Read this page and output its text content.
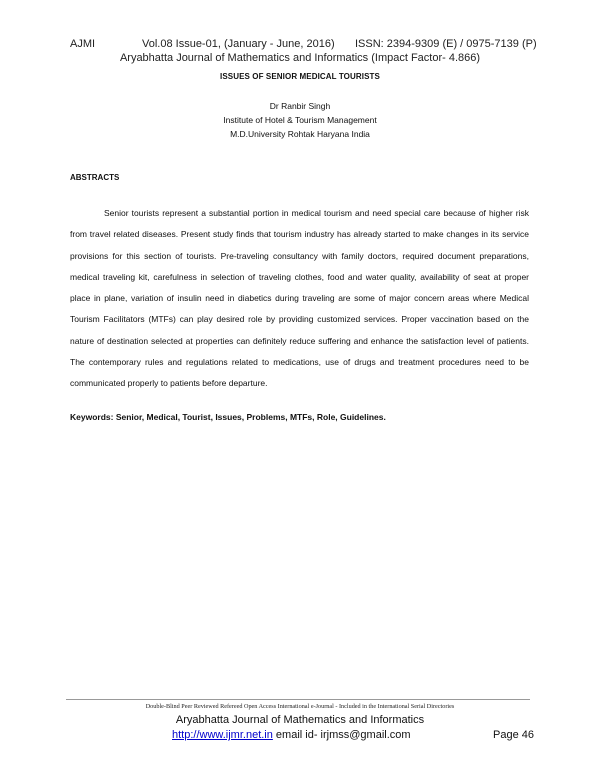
AJMI	Vol.08 Issue-01, (January - June, 2016) ISSN: 2394-9309 (E) / 0975-7139 (P)
Aryabhatta Journal of Mathematics and Informatics (Impact Factor- 4.866)
ISSUES OF SENIOR MEDICAL TOURISTS
Dr Ranbir Singh
Institute of Hotel & Tourism Management
M.D.University Rohtak Haryana India
ABSTRACTS
Senior tourists represent a substantial portion in medical tourism and need special care because of higher risk from travel related diseases. Present study finds that tourism industry has already started to make changes in its service provisions for this section of tourists. Pre-traveling consultancy with family doctors, required document preparations, medical traveling kit, carefulness in selection of traveling clothes, food and water quality, availability of seat at proper place in plane, variation of insulin need in diabetics during traveling are some of major concern areas where Medical Tourism Facilitators (MTFs) can play desired role by providing customized services. Proper vaccination based on the nature of destination selected at properties can definitely reduce suffering and enhance the satisfaction level of patients. The contemporary rules and regulations related to medications, use of drugs and treatment procedures need to be communicated properly to patients before departure.
Keywords: Senior, Medical, Tourist, Issues, Problems, MTFs, Role, Guidelines.
Double-Blind Peer Reviewed Refereed Open Access International e-Journal - Included in the International Serial Directories
Aryabhatta Journal of Mathematics and Informatics
http://www.ijmr.net.in email id- irjmss@gmail.com	Page 46
